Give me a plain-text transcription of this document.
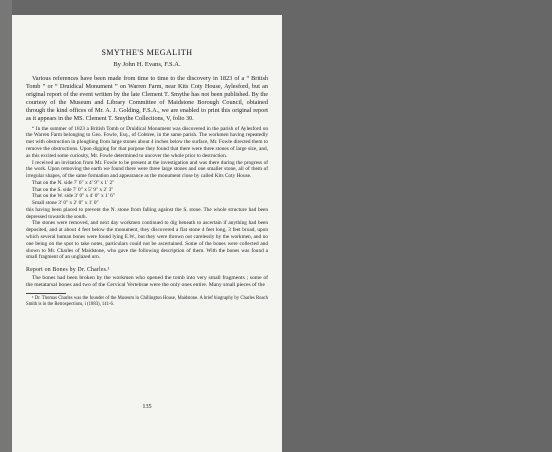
SMYTHE'S MEGALITH
By John H. Evans, F.S.A.

Various references have been made from time to time to the discovery in 1823 of a “ British Tomb ” or “ Druidical Monument ” on Warren Farm, near Kits Coty House, Aylesford, but an original report of the event written by the late Clement T. Smythe has not been published. By the courtesy of the Museum and Library Committee of Maidstone Borough Council, obtained through the kind offices of Mr. A. J. Golding, F.S.A., we are enabled to print this original report as it appears in the MS. Clement T. Smythe Collections, V, folio 30.

“ In the summer of 1823 a British Tomb or Druidical Monument was discovered in the parish of Aylesford on the Warren Farm belonging to Geo. Fowle, Esq., of Cobtree, in the same parish. The workmen having repeatedly met with obstruction in ploughing from large stones about 4 inches below the surface, Mr. Fowle directed them to remove the obstructions. Upon digging for that purpose they found that there were three stones of large size, and, as this excited some curiosity, Mr. Fowle determined to uncover the whole prior to destruction.

I received an invitation from Mr. Fowle to be present at the investigation and was there during the progress of the work. Upon removing the earth we found there were three large stones and one smaller stone, all of them of irregular shapes, of the same formation and appearance as the monument close by called Kits Coty House.

That on the N. side 7′ 6″ x 4′ 9″ x 1′ 2″
That on the S. side 7′ 0″ x 5′ 9″ x 2′ 3″
That on the W. side 3′ 0″ x 4′ 0″ x 1′ 6″
Small stone 3′ 0″ x 2′ 0″ x 1′ 0″

this having been placed to prevent the N. stone from falling against the S. stone. The whole structure had been depressed towards the south.

The stones were removed, and next day workmen continued to dig beneath to ascertain if anything had been deposited, and at about 4 feet below the monument, they discovered a flat stone 4 feet long, 3 feet broad, upon which several human bones were found lying E.W., but they were thrown out carelessly by the workmen, and no one being on the spot to take notes, particulars could not be ascertained. Some of the bones were collected and shown to Mr. Charles of Maidstone, who gave the following description of them. With the bones was found a small fragment of an unglazed urn.

Report on Bones by Dr. Charles.¹

The bones had been broken by the workmen who opened the tomb into very small fragments ; some of the metatarsal bones and two of the Cervical Vertebrae were the only ones entire. Many small pieces of the

¹ Dr. Thomas Charles was the founder of the Museum in Chillington House, Maidstone. A brief biography by Charles Roach Smith is in the Retrospections, i (1883), 141-6.

135
